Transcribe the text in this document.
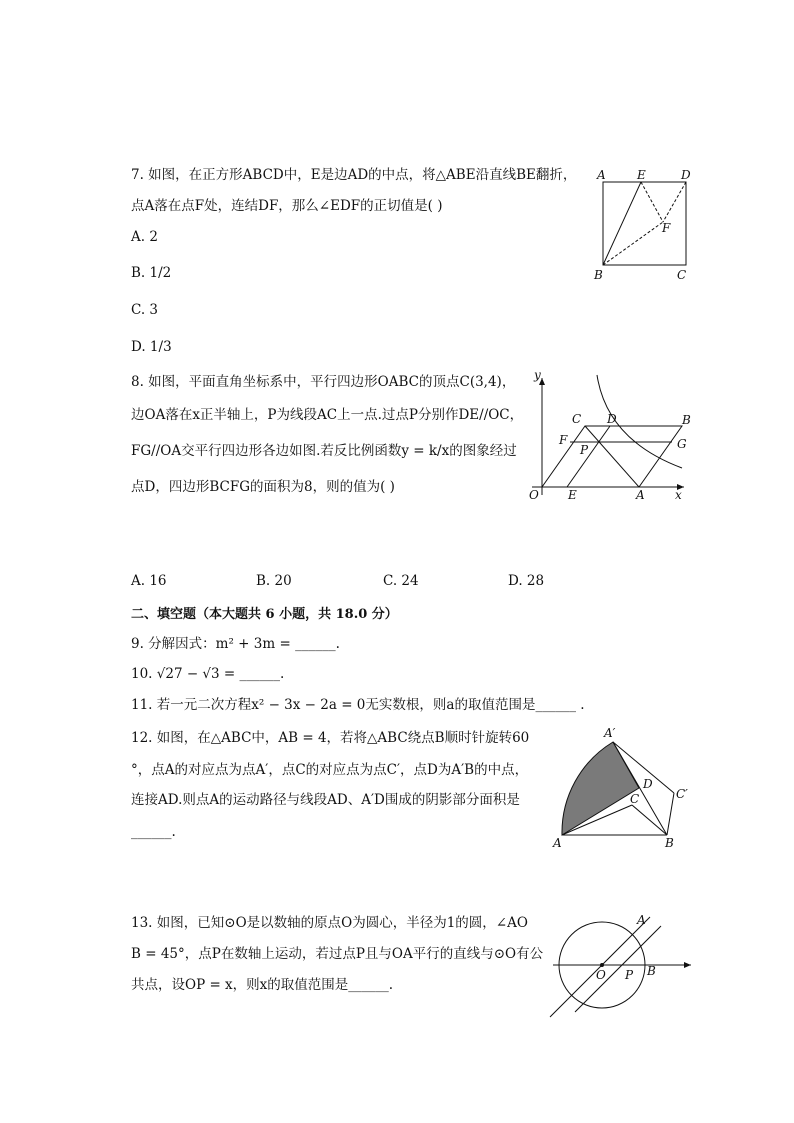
7. 如图，在正方形ABCD中，E是边AD的中点，将△ABE沿直线BE翻折，
点A落在点F处，连结DF，那么∠EDF的正切值是( )
A. 2
B. 1/2
C. 3
D. 1/3
A	E	D
F
B	C
8. 如图，平面直角坐标系中，平行四边形OABC的顶点C(3,4)，
边OA落在x正半轴上，P为线段AC上一点.过点P分别作DE//OC，
FG//OA交平行四边形各边如图.若反比例函数y = k/x的图象经过
点D，四边形BCFG的面积为8，则的值为( )
y
x
O
C D	B
F	G
P
E	A
A. 16	B. 20	C. 24	D. 28
二、填空题（本大题共 6 小题，共 18.0 分）
9. 分解因式：m² + 3m = ______.
10. √27 − √3 = ______.
11. 若一元二次方程x² − 3x − 2a = 0无实数根，则a的取值范围是______ .
12. 如图，在△ABC中，AB = 4，若将△ABC绕点B顺时针旋转60
°，点A的对应点为点A′，点C的对应点为点C′，点D为A′B的中点，
连接AD.则点A的运动路径与线段AD、A′D围成的阴影部分面积是
______.
A′
D
C′
C
A	B
13. 如图，已知⊙O是以数轴的原点O为圆心，半径为1的圆，∠AO
B = 45°，点P在数轴上运动，若过点P且与OA平行的直线与⊙O有公
共点，设OP = x，则x的取值范围是______.
A
O P B
